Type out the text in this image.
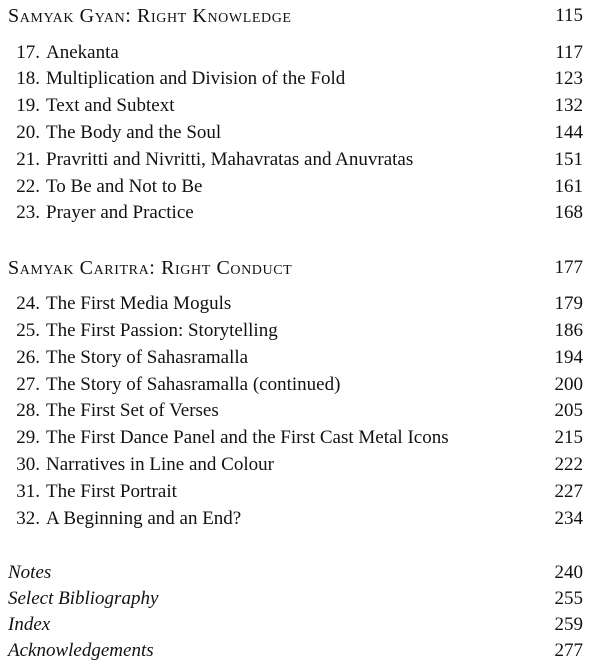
Samyak Gyan: Right Knowledge	115
17. Anekanta	117
18. Multiplication and Division of the Fold	123
19. Text and Subtext	132
20. The Body and the Soul	144
21. Pravritti and Nivritti, Mahavratas and Anuvratas	151
22. To Be and Not to Be	161
23. Prayer and Practice	168
Samyak Caritra: Right Conduct	177
24. The First Media Moguls	179
25. The First Passion: Storytelling	186
26. The Story of Sahasramalla	194
27. The Story of Sahasramalla (continued)	200
28. The First Set of Verses	205
29. The First Dance Panel and the First Cast Metal Icons	215
30. Narratives in Line and Colour	222
31. The First Portrait	227
32. A Beginning and an End?	234
Notes	240
Select Bibliography	255
Index	259
Acknowledgements	277
